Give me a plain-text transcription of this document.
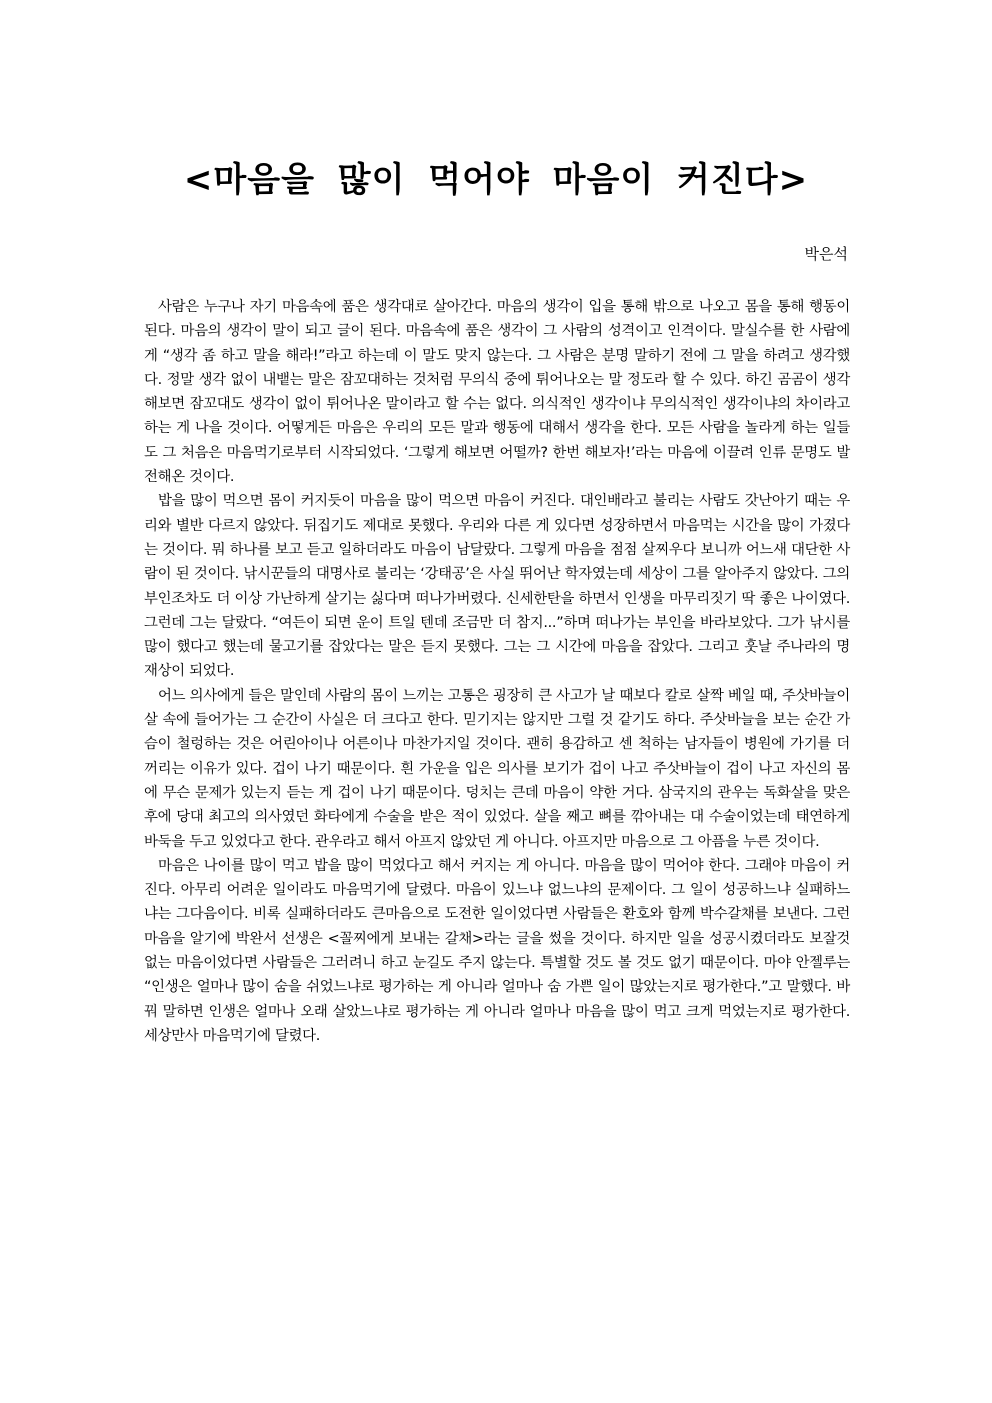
<마음을 많이 먹어야 마음이 커진다>

박은석

사람은 누구나 자기 마음속에 품은 생각대로 살아간다. 마음의 생각이 입을 통해 밖으로 나오고 몸을 통해 행동이 된다. 마음의 생각이 말이 되고 글이 된다. 마음속에 품은 생각이 그 사람의 성격이고 인격이다. 말실수를 한 사람에게 “생각 좀 하고 말을 해라!”라고 하는데 이 말도 맞지 않는다. 그 사람은 분명 말하기 전에 그 말을 하려고 생각했다. 정말 생각 없이 내뱉는 말은 잠꼬대하는 것처럼 무의식 중에 튀어나오는 말 정도라 할 수 있다. 하긴 곰곰이 생각해보면 잠꼬대도 생각이 없이 튀어나온 말이라고 할 수는 없다. 의식적인 생각이냐 무의식적인 생각이냐의 차이라고 하는 게 나을 것이다. 어떻게든 마음은 우리의 모든 말과 행동에 대해서 생각을 한다. 모든 사람을 놀라게 하는 일들도 그 처음은 마음먹기로부터 시작되었다. ‘그렇게 해보면 어떨까? 한번 해보자!’라는 마음에 이끌려 인류 문명도 발전해온 것이다.

밥을 많이 먹으면 몸이 커지듯이 마음을 많이 먹으면 마음이 커진다. 대인배라고 불리는 사람도 갓난아기 때는 우리와 별반 다르지 않았다. 뒤집기도 제대로 못했다. 우리와 다른 게 있다면 성장하면서 마음먹는 시간을 많이 가졌다는 것이다. 뭐 하나를 보고 듣고 일하더라도 마음이 남달랐다. 그렇게 마음을 점점 살찌우다 보니까 어느새 대단한 사람이 된 것이다. 낚시꾼들의 대명사로 불리는 ‘강태공’은 사실 뛰어난 학자였는데 세상이 그를 알아주지 않았다. 그의 부인조차도 더 이상 가난하게 살기는 싫다며 떠나가버렸다. 신세한탄을 하면서 인생을 마무리짓기 딱 좋은 나이였다. 그런데 그는 달랐다. “여든이 되면 운이 트일 텐데 조금만 더 참지...”하며 떠나가는 부인을 바라보았다. 그가 낚시를 많이 했다고 했는데 물고기를 잡았다는 말은 듣지 못했다. 그는 그 시간에 마음을 잡았다. 그리고 훗날 주나라의 명 재상이 되었다.

어느 의사에게 들은 말인데 사람의 몸이 느끼는 고통은 굉장히 큰 사고가 날 때보다 칼로 살짝 베일 때, 주삿바늘이 살 속에 들어가는 그 순간이 사실은 더 크다고 한다. 믿기지는 않지만 그럴 것 같기도 하다. 주삿바늘을 보는 순간 가슴이 철렁하는 것은 어린아이나 어른이나 마찬가지일 것이다. 괜히 용감하고 센 척하는 남자들이 병원에 가기를 더 꺼리는 이유가 있다. 겁이 나기 때문이다. 흰 가운을 입은 의사를 보기가 겁이 나고 주삿바늘이 겁이 나고 자신의 몸에 무슨 문제가 있는지 듣는 게 겁이 나기 때문이다. 덩치는 큰데 마음이 약한 거다. 삼국지의 관우는 독화살을 맞은 후에 당대 최고의 의사였던 화타에게 수술을 받은 적이 있었다. 살을 째고 뼈를 깎아내는 대 수술이었는데 태연하게 바둑을 두고 있었다고 한다. 관우라고 해서 아프지 않았던 게 아니다. 아프지만 마음으로 그 아픔을 누른 것이다.

마음은 나이를 많이 먹고 밥을 많이 먹었다고 해서 커지는 게 아니다. 마음을 많이 먹어야 한다. 그래야 마음이 커진다. 아무리 어려운 일이라도 마음먹기에 달렸다. 마음이 있느냐 없느냐의 문제이다. 그 일이 성공하느냐 실패하느냐는 그다음이다. 비록 실패하더라도 큰마음으로 도전한 일이었다면 사람들은 환호와 함께 박수갈채를 보낸다. 그런 마음을 알기에 박완서 선생은 <꼴찌에게 보내는 갈채>라는 글을 썼을 것이다. 하지만 일을 성공시켰더라도 보잘것없는 마음이었다면 사람들은 그러려니 하고 눈길도 주지 않는다. 특별할 것도 볼 것도 없기 때문이다. 마야 안젤루는 “인생은 얼마나 많이 숨을 쉬었느냐로 평가하는 게 아니라 얼마나 숨 가쁜 일이 많았는지로 평가한다.”고 말했다. 바꿔 말하면 인생은 얼마나 오래 살았느냐로 평가하는 게 아니라 얼마나 마음을 많이 먹고 크게 먹었는지로 평가한다. 세상만사 마음먹기에 달렸다.
